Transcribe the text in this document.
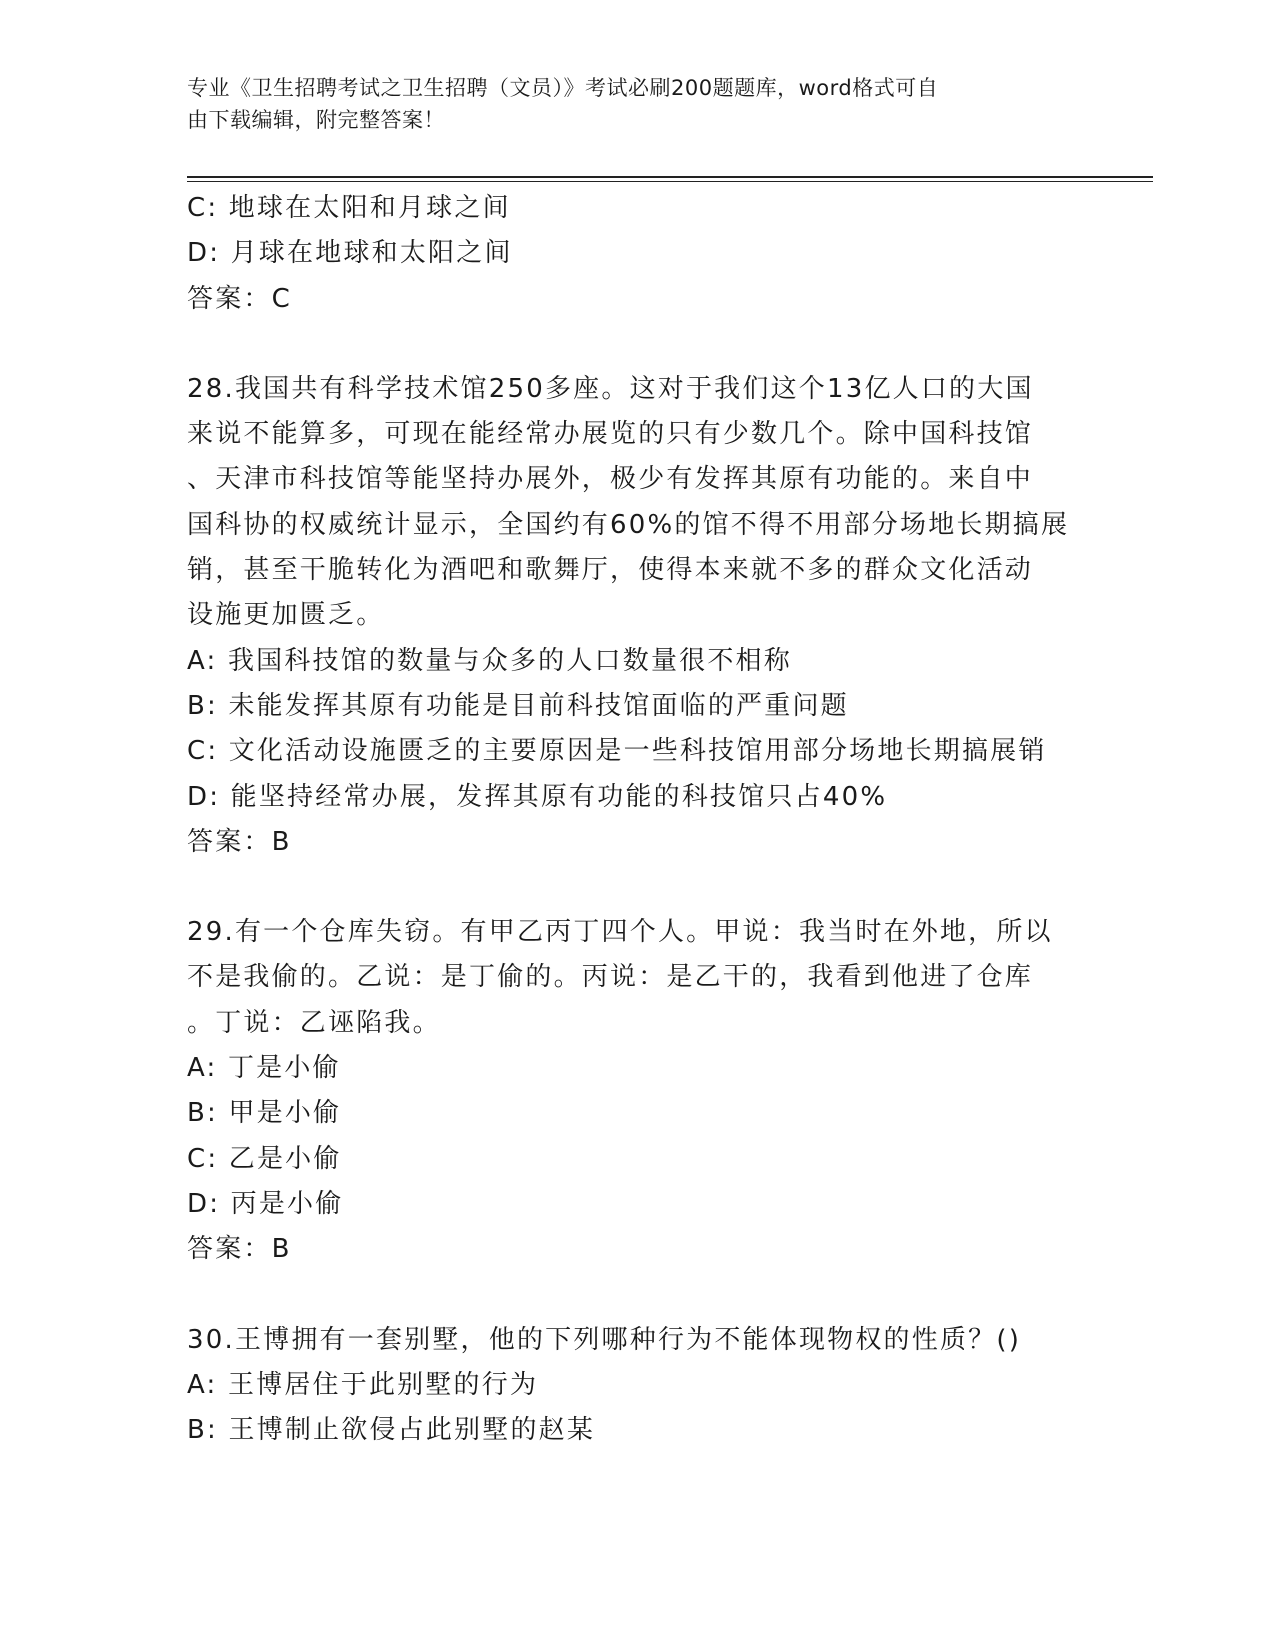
专业《卫生招聘考试之卫生招聘（文员）》考试必刷200题题库，word格式可自
由下载编辑，附完整答案！
C: 地球在太阳和月球之间
D: 月球在地球和太阳之间
答案：C
28.我国共有科学技术馆250多座。这对于我们这个13亿人口的大国
来说不能算多，可现在能经常办展览的只有少数几个。除中国科技馆
、天津市科技馆等能坚持办展外，极少有发挥其原有功能的。来自中
国科协的权威统计显示，全国约有60%的馆不得不用部分场地长期搞展
销，甚至干脆转化为酒吧和歌舞厅，使得本来就不多的群众文化活动
设施更加匮乏。
A: 我国科技馆的数量与众多的人口数量很不相称
B: 未能发挥其原有功能是目前科技馆面临的严重问题
C: 文化活动设施匮乏的主要原因是一些科技馆用部分场地长期搞展销
D: 能坚持经常办展，发挥其原有功能的科技馆只占40%
答案：B
29.有一个仓库失窃。有甲乙丙丁四个人。甲说：我当时在外地，所以
不是我偷的。乙说：是丁偷的。丙说：是乙干的，我看到他进了仓库
。丁说：乙诬陷我。
A: 丁是小偷
B: 甲是小偷
C: 乙是小偷
D: 丙是小偷
答案：B
30.王博拥有一套别墅，他的下列哪种行为不能体现物权的性质？()
A: 王博居住于此别墅的行为
B: 王博制止欲侵占此别墅的赵某
